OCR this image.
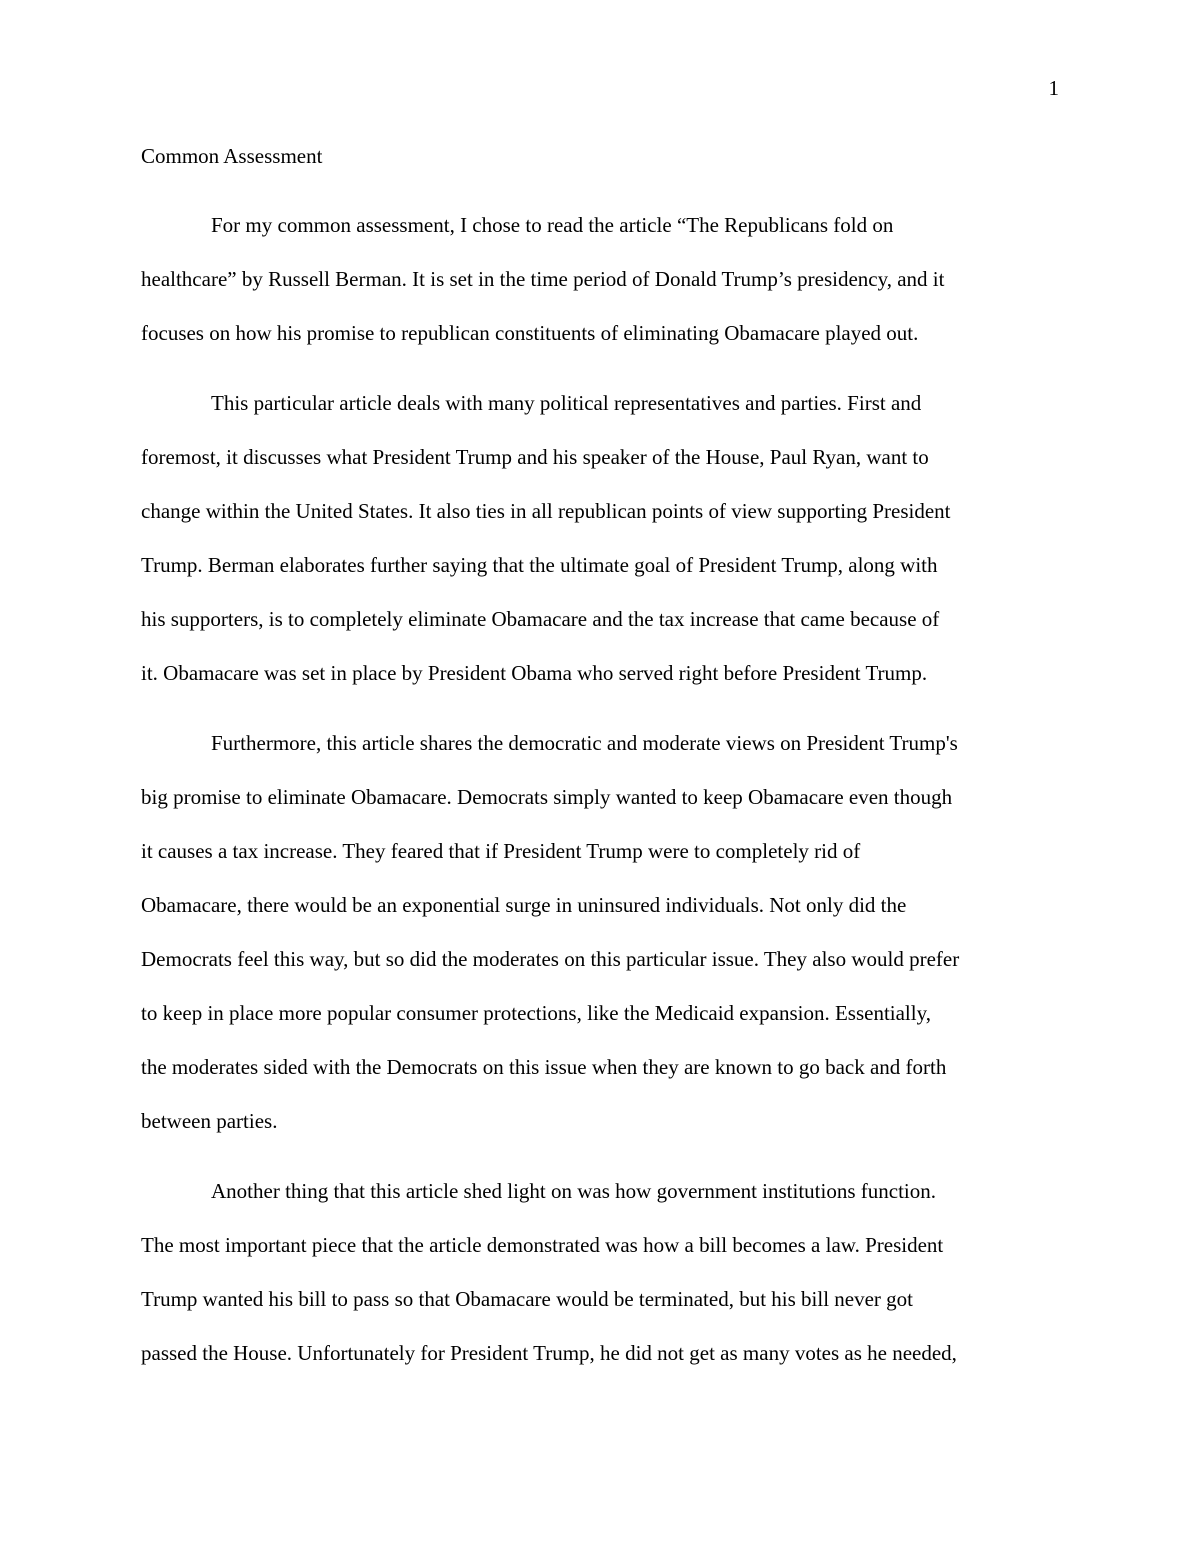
1
Common Assessment
For my common assessment, I chose to read the article “The Republicans fold on
healthcare” by Russell Berman. It is set in the time period of Donald Trump’s presidency, and it
focuses on how his promise to republican constituents of eliminating Obamacare played out.
This particular article deals with many political representatives and parties. First and
foremost, it discusses what President Trump and his speaker of the House, Paul Ryan, want to
change within the United States. It also ties in all republican points of view supporting President
Trump. Berman elaborates further saying that the ultimate goal of President Trump, along with
his supporters, is to completely eliminate Obamacare and the tax increase that came because of
it. Obamacare was set in place by President Obama who served right before President Trump.
Furthermore, this article shares the democratic and moderate views on President Trump's
big promise to eliminate Obamacare. Democrats simply wanted to keep Obamacare even though
it causes a tax increase. They feared that if President Trump were to completely rid of
Obamacare, there would be an exponential surge in uninsured individuals. Not only did the
Democrats feel this way, but so did the moderates on this particular issue. They also would prefer
to keep in place more popular consumer protections, like the Medicaid expansion. Essentially,
the moderates sided with the Democrats on this issue when they are known to go back and forth
between parties.
Another thing that this article shed light on was how government institutions function.
The most important piece that the article demonstrated was how a bill becomes a law. President
Trump wanted his bill to pass so that Obamacare would be terminated, but his bill never got
passed the House. Unfortunately for President Trump, he did not get as many votes as he needed,
